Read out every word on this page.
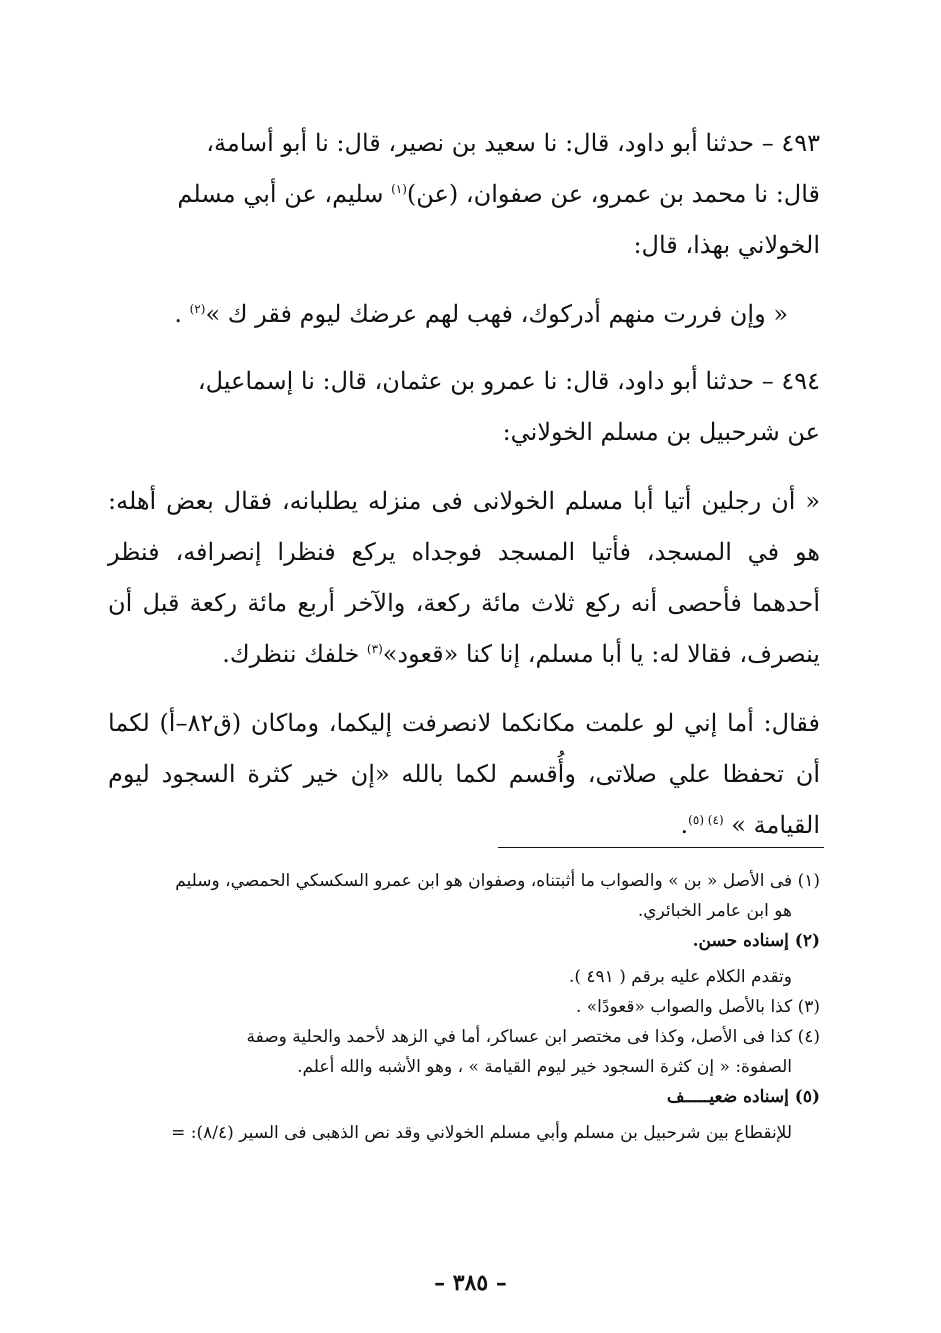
٤٩٣ – حدثنا أبو داود، قال: نا سعيد بن نصير، قال: نا أبو أسامة،

قال: نا محمد بن عمرو، عن صفوان، (عن)$^{(١)}$ سليم، عن أبي مسلم

الخولاني بهذا، قال:

« وإن فررت منهم أدركوك، فهب لهم عرضك ليوم فقر ك »$^{(٢)}$ .

٤٩٤ – حدثنا أبو داود، قال: نا عمرو بن عثمان، قال: نا إسماعيل،

عن شرحبيل بن مسلم الخولاني:

« أن رجلين أتيا أبا مسلم الخولانى فى منزله يطلبانه، فقال بعض أهله: هو في المسجد، فأتيا المسجد فوجداه يركع فنظرا إنصرافه، فنظر أحدهما فأحصى أنه ركع ثلاث مائة ركعة، والآخر أربع مائة ركعة قبل أن ينصرف، فقالا له: يا أبا مسلم، إنا كنا «قعود»$^{(٣)}$ خلفك ننظرك.

فقال: أما إني لو علمت مكانكما لانصرفت إليكما، وماكان (ق٨٢–أ) لكما أن تحفظا علي صلاتى، وأُقسم لكما بالله «إن خير كثرة السجود ليوم القيامة » $^{(٤) (٥)}$.

(١) فى الأصل « بن » والصواب ما أثبتناه، وصفوان هو ابن عمرو السكسكي الحمصي، وسليم

هو ابن عامر الخبائري.

(٢) إسناده حسن.

وتقدم الكلام عليه برقم ( ٤٩١ ).

(٣) كذا بالأصل والصواب «قعودًا» .

(٤) كذا فى الأصل، وكذا فى مختصر ابن عساكر، أما في الزهد لأحمد والحلية وصفة

الصفوة: « إن كثرة السجود خير ليوم القيامة » ، وهو الأشبه والله أعلم.

(٥) إسناده ضعيـــــف

للإنقطاع بين شرحبيل بن مسلم وأبي مسلم الخولاني وقد نص الذهبى فى السير (٨/٤): =

– ٣٨٥ –
